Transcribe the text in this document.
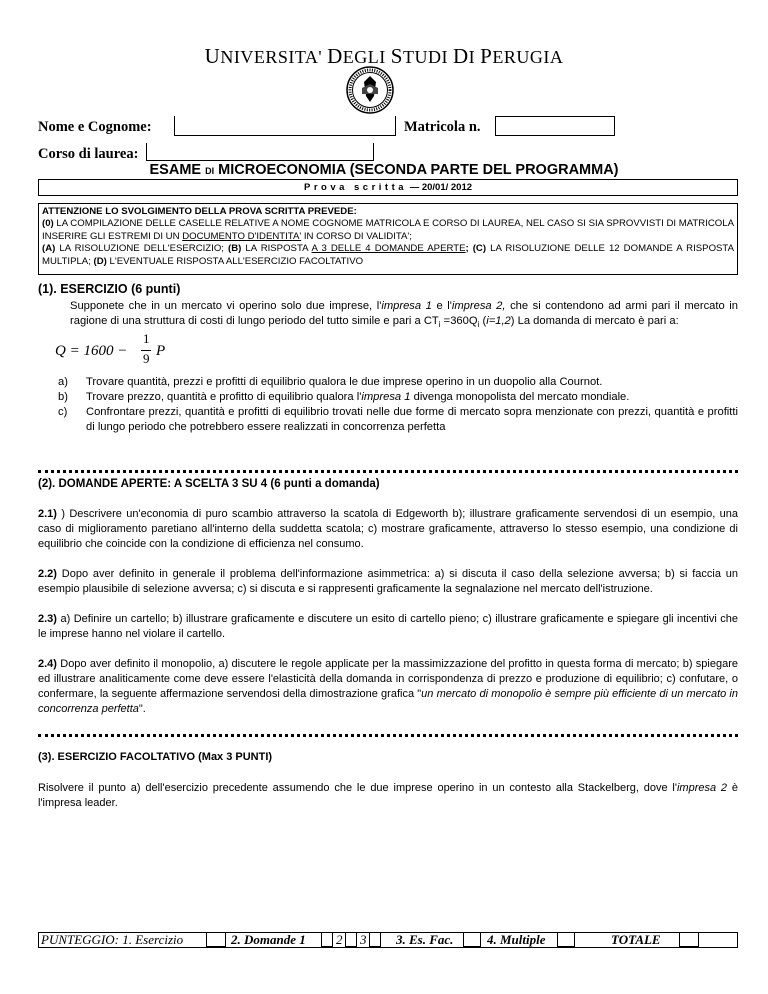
UNIVERSITA' DEGLI STUDI DI PERUGIA
Nome e Cognome:	Matricola n.
Corso di laurea:
ESAME DI MICROECONOMIA (SECONDA PARTE DEL PROGRAMMA)
Prova scritta — 20/01/ 2012
ATTENZIONE LO SVOLGIMENTO DELLA PROVA SCRITTA PREVEDE:
(0) LA COMPILAZIONE DELLE CASELLE RELATIVE A NOME COGNOME MATRICOLA E CORSO DI LAUREA, NEL CASO SI SIA SPROVVISTI DI MATRICOLA INSERIRE GLI ESTREMI DI UN DOCUMENTO D'IDENTITA' IN CORSO DI VALIDITA';
(A) LA RISOLUZIONE DELL'ESERCIZIO; (B) LA RISPOSTA A 3 DELLE 4 DOMANDE APERTE; (C) LA RISOLUZIONE DELLE 12 DOMANDE A RISPOSTA MULTIPLA; (D) L'EVENTUALE RISPOSTA ALL'ESERCIZIO FACOLTATIVO
(1). ESERCIZIO (6 punti)
Supponete che in un mercato vi operino solo due imprese, l'impresa 1 e l'impresa 2, che si contendono ad armi pari il mercato in ragione di una struttura di costi di lungo periodo del tutto simile e pari a $CT_i =360Q_i$ (i=1,2) La domanda di mercato è pari a:
Q = 1600 −
1
9 P
a) Trovare quantità, prezzi e profitti di equilibrio qualora le due imprese operino in un duopolio alla Cournot.
b) Trovare prezzo, quantità e profitto di equilibrio qualora l'impresa 1 divenga monopolista del mercato mondiale.
c) Confrontare prezzi, quantità e profitti di equilibrio trovati nelle due forme di mercato sopra menzionate con prezzi, quantità e profitti di lungo periodo che potrebbero essere realizzati in concorrenza perfetta
(2). DOMANDE APERTE: A SCELTA 3 SU 4 (6 punti a domanda)
2.1) ) Descrivere un'economia di puro scambio attraverso la scatola di Edgeworth b); illustrare graficamente servendosi di un esempio, una caso di miglioramento paretiano all'interno della suddetta scatola; c) mostrare graficamente, attraverso lo stesso esempio, una condizione di equilibrio che coincide con la condizione di efficienza nel consumo.
2.2) Dopo aver definito in generale il problema dell'informazione asimmetrica: a) si discuta il caso della selezione avversa; b) si faccia un esempio plausibile di selezione avversa; c) si discuta e si rappresenti graficamente la segnalazione nel mercato dell'istruzione.
2.3) a) Definire un cartello; b) illustrare graficamente e discutere un esito di cartello pieno; c) illustrare graficamente e spiegare gli incentivi che le imprese hanno nel violare il cartello.
2.4) Dopo aver definito il monopolio, a) discutere le regole applicate per la massimizzazione del profitto in questa forma di mercato; b) spiegare ed illustrare analiticamente come deve essere l'elasticità della domanda in corrispondenza di prezzo e produzione di equilibrio; c) confutare, o confermare, la seguente affermazione servendosi della dimostrazione grafica "un mercato di monopolio è sempre più efficiente di un mercato in concorrenza perfetta".
(3). ESERCIZIO FACOLTATIVO (Max 3 PUNTI)
Risolvere il punto a) dell'esercizio precedente assumendo che le due imprese operino in un contesto alla Stackelberg, dove l'impresa 2 è l'impresa leader.
PUNTEGGIO: 1. Esercizio	2. Domande 1 2 3 3. Es. Fac.	4. Multiple	TOTALE
